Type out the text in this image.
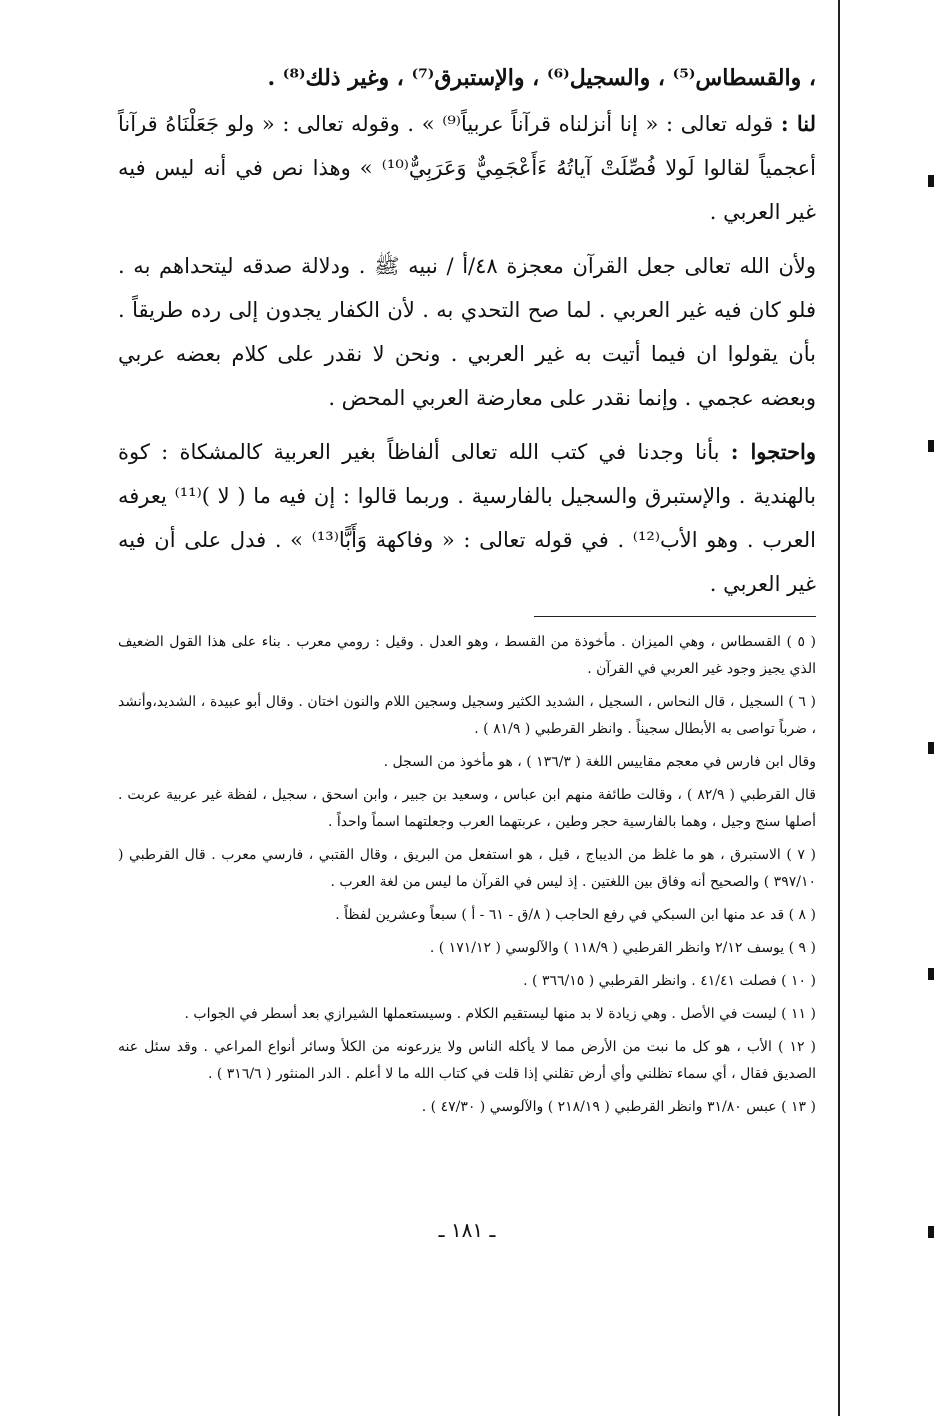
، والقسطاس⁽⁵⁾ ، والسجيل⁽⁶⁾ ، والإستبرق⁽⁷⁾ ، وغير ذلك⁽⁸⁾ .

لنا : قوله تعالى : « إنا أنزلناه قرآناً عربياً⁽⁹⁾ » . وقوله تعالى : « ولو جَعَلْنَاهُ قرآناً أعجمياً لقالوا لَولا فُصِّلَتْ آياتُهُ ءَأَعْجَمِيٌّ وَعَرَبِيٌّ⁽¹⁰⁾ » وهذا نص في أنه ليس فيه غير العربي .

ولأن الله تعالى جعل القرآن معجزة ٤٨/أ / نبيه ﷺ . ودلالة صدقه ليتحداهم به . فلو كان فيه غير العربي . لما صح التحدي به . لأن الكفار يجدون إلى رده طريقاً . بأن يقولوا ان فيما أتيت به غير العربي . ونحن لا نقدر على كلام بعضه عربي وبعضه عجمي . وإنما نقدر على معارضة العربي المحض .

واحتجوا : بأنا وجدنا في كتب الله تعالى ألفاظاً بغير العربية كالمشكاة : كوة بالهندية . والإستبرق والسجيل بالفارسية . وربما قالوا : إن فيه ما ( لا )⁽¹¹⁾ يعرفه العرب . وهو الأب⁽¹²⁾ . في قوله تعالى : « وفاكهة وَأَبًّا⁽¹³⁾ » . فدل على أن فيه غير العربي .

( ٥ ) القسطاس ، وهي الميزان . مأخوذة من القسط ، وهو العدل . وقيل : رومي معرب . بناء على هذا القول الضعيف الذي يجيز وجود غير العربي في القرآن .

( ٦ ) السجيل ، قال النحاس ، السجيل ، الشديد الكثير وسجيل وسجين اللام والنون اختان . وقال أبو عبيدة ، الشديد،وأنشد ، ضرباً تواصى به الأبطال سجيناً . وانظر القرطبي ( ٨١/٩ ) .

وقال ابن فارس في معجم مقاييس اللغة ( ١٣٦/٣ ) ، هو مأخوذ من السجل .

قال القرطبي ( ٨٢/٩ ) ، وقالت طائفة منهم ابن عباس ، وسعيد بن جبير ، وابن اسحق ، سجيل ، لفظة غير عربية عربت . أصلها سنج وجيل ، وهما بالفارسية حجر وطين ، عربتهما العرب وجعلتهما اسماً واحداً .

( ٧ ) الاستبرق ، هو ما غلظ من الديباج ، قيل ، هو استفعل من البريق ، وقال القتبي ، فارسي معرب . قال القرطبي ( ٣٩٧/١٠ ) والصحيح أنه وفاق بين اللغتين . إذ ليس في القرآن ما ليس من لغة العرب .

( ٨ ) قد عد منها ابن السبكي في رفع الحاجب ( ٨/ق - ٦١ - أ ) سبعاً وعشرين لفظاً .

( ٩ ) يوسف ٢/١٢ وانظر القرطبي ( ١١٨/٩ ) والآلوسي ( ١٧١/١٢ ) .

( ١٠ ) فصلت ٤١/٤١ . وانظر القرطبي ( ٣٦٦/١٥ ) .

( ١١ ) ليست في الأصل . وهي زيادة لا بد منها ليستقيم الكلام . وسيستعملها الشيرازي بعد أسطر في الجواب .

( ١٢ ) الأب ، هو كل ما نبت من الأرض مما لا يأكله الناس ولا يزرعونه من الكلأ وسائر أنواع المراعي . وقد سئل عنه الصديق فقال ، أي سماء تظلني وأي أرض تقلني إذا قلت في كتاب الله ما لا أعلم . الدر المنثور ( ٣١٦/٦ ) .

( ١٣ ) عبس ٣١/٨٠ وانظر القرطبي ( ٢١٨/١٩ ) والآلوسي ( ٤٧/٣٠ ) .

ـ ١٨١ ـ
